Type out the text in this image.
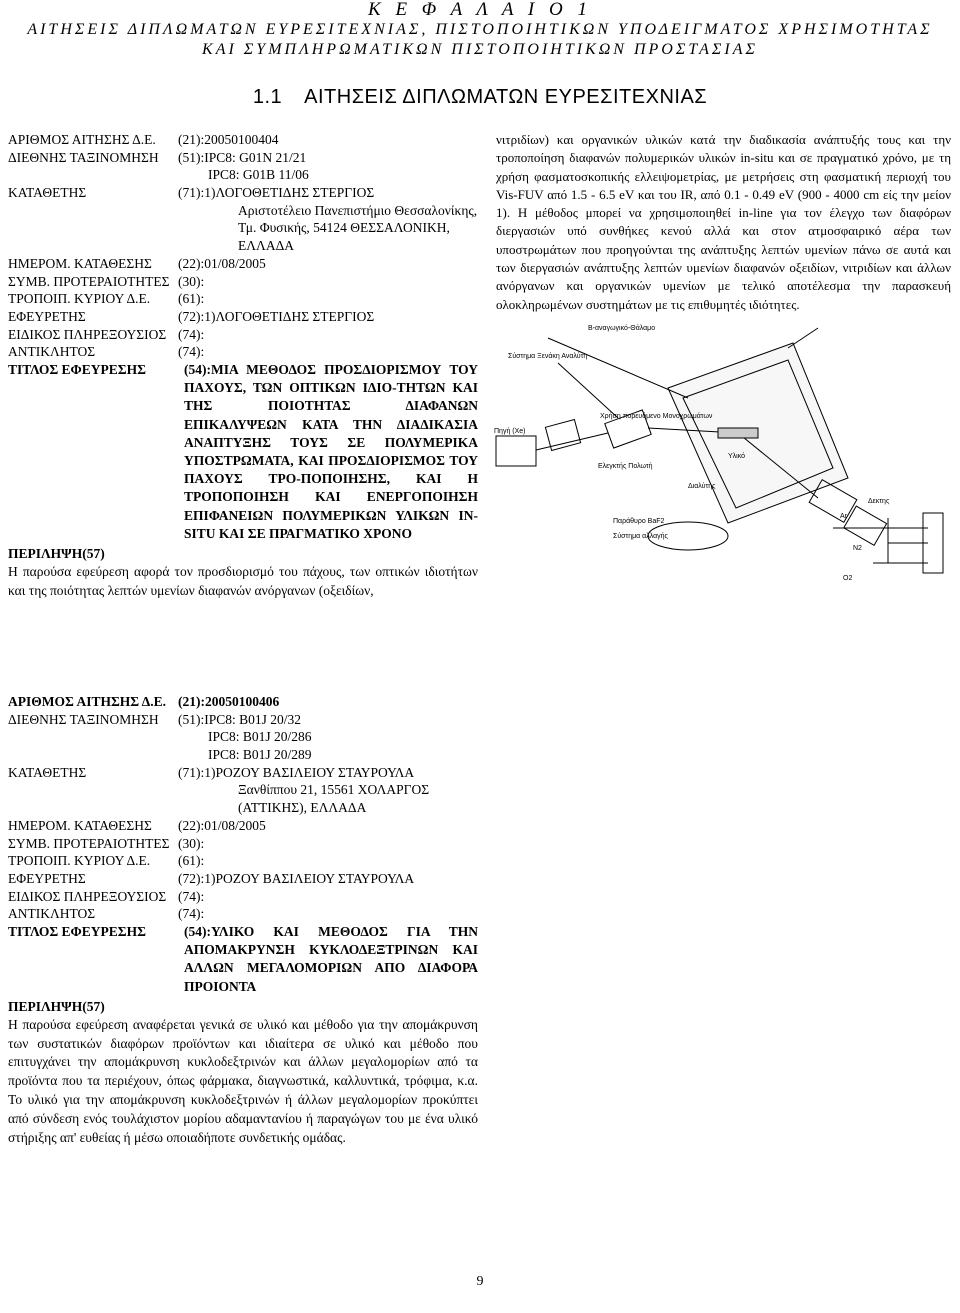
Κ Ε Φ Α Λ Α Ι Ο 1
ΑΙΤΗΣΕΙΣ ΔΙΠΛΩΜΑΤΩΝ ΕΥΡΕΣΙΤΕΧΝΙΑΣ, ΠΙΣΤΟΠΟΙΗΤΙΚΩΝ ΥΠΟΔΕΙΓΜΑΤΟΣ ΧΡΗΣΙΜΟΤΗΤΑΣ
ΚΑΙ ΣΥΜΠΛΗΡΩΜΑΤΙΚΩΝ ΠΙΣΤΟΠΟΙΗΤΙΚΩΝ ΠΡΟΣΤΑΣΙΑΣ
1.1 ΑΙΤΗΣΕΙΣ ΔΙΠΛΩΜΑΤΩΝ ΕΥΡΕΣΙΤΕΧΝΙΑΣ
ΑΡΙΘΜΟΣ ΑΙΤΗΣΗΣ Δ.Ε. (21):20050100404
ΔΙΕΘΝΗΣ ΤΑΞΙΝΟΜΗΣΗ (51):IPC8: G01N 21/21
IPC8: G01B 11/06
ΚΑΤΑΘΕΤΗΣ	(71):1)ΛΟΓΟΘΕΤΙΔΗΣ ΣΤΕΡΓΙΟΣ
Αριστοτέλειο Πανεπιστήμιο Θεσσαλονίκης,
Τμ. Φυσικής, 54124 ΘΕΣΣΑΛΟΝΙΚΗ,
ΕΛΛΑΔΑ
ΗΜΕΡΟΜ. ΚΑΤΑΘΕΣΗΣ (22):01/08/2005
ΣΥΜΒ. ΠΡΟΤΕΡΑΙΟΤΗΤΕΣ (30):
ΤΡΟΠΟΙΠ. ΚΥΡΙΟΥ Δ.Ε. (61):
ΕΦΕΥΡΕΤΗΣ	(72):1)ΛΟΓΟΘΕΤΙΔΗΣ ΣΤΕΡΓΙΟΣ
ΕΙΔΙΚΟΣ ΠΛΗΡΕΞΟΥΣΙΟΣ (74):
ΑΝΤΙΚΛΗΤΟΣ	(74):
ΤΙΤΛΟΣ ΕΦΕΥΡΕΣΗΣ	(54):ΜΙΑ ΜΕΘΟΔΟΣ ΠΡΟΣΔΙΟΡΙΣΜΟΥ ΤΟΥ ΠΑΧΟΥΣ, ΤΩΝ ΟΠΤΙΚΩΝ ΙΔΙΟ-ΤΗΤΩΝ ΚΑΙ ΤΗΣ ΠΟΙΟΤΗΤΑΣ ΔΙΑΦΑΝΩΝ ΕΠΙΚΑΛΥΨΕΩΝ ΚΑΤΑ ΤΗΝ ΔΙΑΔΙΚΑΣΙΑ ΑΝΑΠΤΥΞΗΣ ΤΟΥΣ ΣΕ ΠΟΛΥΜΕΡΙΚΑ ΥΠΟΣΤΡΩΜΑΤΑ, ΚΑΙ ΠΡΟΣΔΙΟΡΙΣΜΟΣ ΤΟΥ ΠΑΧΟΥΣ ΤΡΟ-ΠΟΠΟΙΗΣΗΣ, ΚΑΙ Η ΤΡΟΠΟΠΟΙΗΣΗ ΚΑΙ ΕΝΕΡΓΟΠΟΙΗΣΗ ΕΠΙΦΑΝΕΙΩΝ ΠΟΛΥΜΕΡΙΚΩΝ ΥΛΙΚΩΝ IN-SITU ΚΑΙ ΣΕ ΠΡΑΓΜΑΤΙΚΟ ΧΡΟΝΟ
ΠΕΡΙΛΗΨΗ(57)
Η παρούσα εφεύρεση αφορά τον προσδιορισμό του πάχους, των οπτικών ιδιοτήτων και της ποιότητας λεπτών υμενίων διαφανών ανόργανων (οξειδίων,
νιτριδίων) και οργανικών υλικών κατά την διαδικασία ανάπτυξής τους και την τροποποίηση διαφανών πολυμερικών υλικών in-situ και σε πραγματικό χρόνο, με τη χρήση φασματοσκοπικής ελλειψομετρίας, με μετρήσεις στη φασματική περιοχή του Vis-FUV από 1.5 - 6.5 eV και του IR, από 0.1 - 0.49 eV (900 - 4000 cm είς την μείον 1). Η μέθοδος μπορεί να χρησιμοποιηθεί in-line για τον έλεγχο των διαφόρων διεργασιών υπό συνθήκες κενού αλλά και στον ατμοσφαιρικό αέρα των υποστρωμάτων που προηγούνται της ανάπτυξης λεπτών υμενίων πάνω σε αυτά και των διεργασιών ανάπτυξης λεπτών υμενίων διαφανών οξειδίων, νιτριδίων και άλλων ανόργανων και οργανικών υμενίων με τελικό αποτέλεσμα την παρασκευή ολοκληρωμένων συστημάτων με τις επιθυμητές ιδιότητες.
Β-αναγωγικό-Θάλαμο
Σύστημα Ξενάκη Αναλύτη
Χρήση πορευόμενο Μονοχρωμάτων
Πηγή (Xe)
Υλικό
Διαλύτης
Ελεγκτής Πολωτή
Δεκτης
Παράθυρο BaF2
Σύστημα αλλαγής
Ar
N2
O2
ΑΡΙΘΜΟΣ ΑΙΤΗΣΗΣ Δ.Ε. (21):20050100406
ΔΙΕΘΝΗΣ ΤΑΞΙΝΟΜΗΣΗ (51):IPC8: B01J 20/32
IPC8: B01J 20/286
IPC8: B01J 20/289
ΚΑΤΑΘΕΤΗΣ	(71):1)ΡΟΖΟΥ ΒΑΣΙΛΕΙΟΥ ΣΤΑΥΡΟΥΛΑ
Ξανθίππου 21, 15561 ΧΟΛΑΡΓΟΣ
(ΑΤΤΙΚΗΣ), ΕΛΛΑΔΑ
ΗΜΕΡΟΜ. ΚΑΤΑΘΕΣΗΣ (22):01/08/2005
ΣΥΜΒ. ΠΡΟΤΕΡΑΙΟΤΗΤΕΣ (30):
ΤΡΟΠΟΙΠ. ΚΥΡΙΟΥ Δ.Ε. (61):
ΕΦΕΥΡΕΤΗΣ	(72):1)ΡΟΖΟΥ ΒΑΣΙΛΕΙΟΥ ΣΤΑΥΡΟΥΛΑ
ΕΙΔΙΚΟΣ ΠΛΗΡΕΞΟΥΣΙΟΣ (74):
ΑΝΤΙΚΛΗΤΟΣ	(74):
ΤΙΤΛΟΣ ΕΦΕΥΡΕΣΗΣ	(54):ΥΛΙΚΟ ΚΑΙ ΜΕΘΟΔΟΣ ΓΙΑ ΤΗΝ ΑΠΟΜΑΚΡΥΝΣΗ ΚΥΚΛΟΔΕΞΤΡΙΝΩΝ ΚΑΙ ΑΛΛΩΝ ΜΕΓΑΛΟΜΟΡΙΩΝ ΑΠΟ ΔΙΑΦΟΡΑ ΠΡΟΙΟΝΤΑ
ΠΕΡΙΛΗΨΗ(57)
Η παρούσα εφεύρεση αναφέρεται γενικά σε υλικό και μέθοδο για την απομάκρυνση των συστατικών διαφόρων προϊόντων και ιδιαίτερα σε υλικό και μέθοδο που επιτυγχάνει την απομάκρυνση κυκλοδεξτρινών και άλλων μεγαλομορίων από τα προϊόντα που τα περιέχουν, όπως φάρμακα, διαγνωστικά, καλλυντικά, τρόφιμα, κ.α. Το υλικό για την απομάκρυνση κυκλοδεξτρινών ή άλλων μεγαλομορίων προκύπτει από σύνδεση ενός τουλάχιστον μορίου αδαμαντανίου ή παραγώγων του με ένα υλικό στήριξης απ' ευθείας ή μέσω οποιαδήποτε συνδετικής ομάδας.
9
